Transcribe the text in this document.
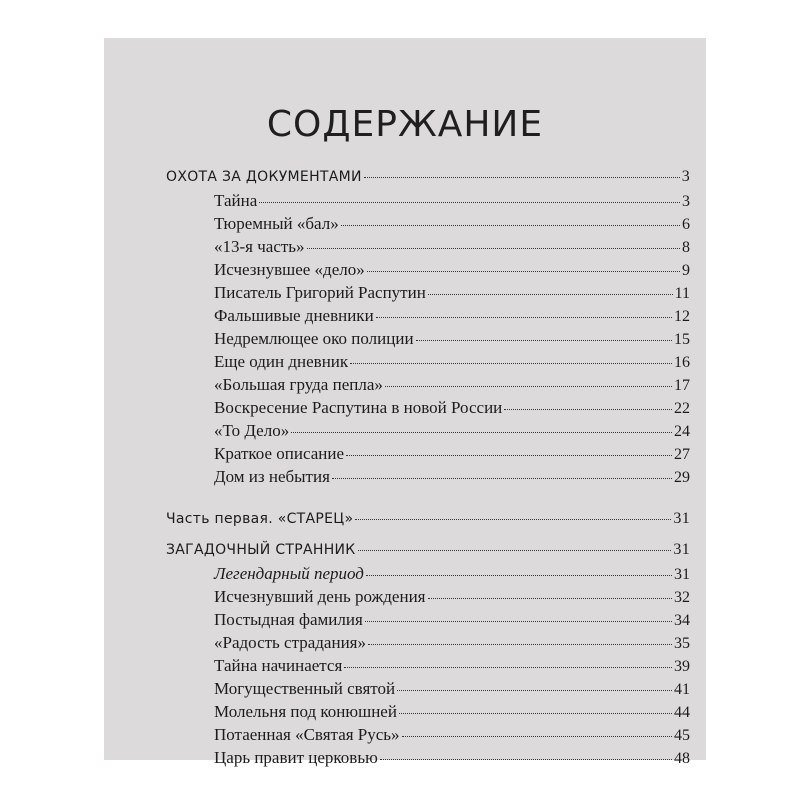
СОДЕРЖАНИЕ
ОХОТА ЗА ДОКУМЕНТАМИ	3
Тайна	3
Тюремный «бал»	6
«13-я часть»	8
Исчезнувшее «дело»	9
Писатель Григорий Распутин	11
Фальшивые дневники	12
Недремлющее око полиции	15
Еще один дневник	16
«Большая груда пепла»	17
Воскресение Распутина в новой России	22
«То Дело»	24
Краткое описание	27
Дом из небытия	29
Часть первая. «СТАРЕЦ»	31
ЗАГАДОЧНЫЙ СТРАННИК	31
Легендарный период	31
Исчезнувший день рождения	32
Постыдная фамилия	34
«Радость страдания»	35
Тайна начинается	39
Могущественный святой	41
Молельня под конюшней	44
Потаенная «Святая Русь»	45
Царь правит церковью	48
